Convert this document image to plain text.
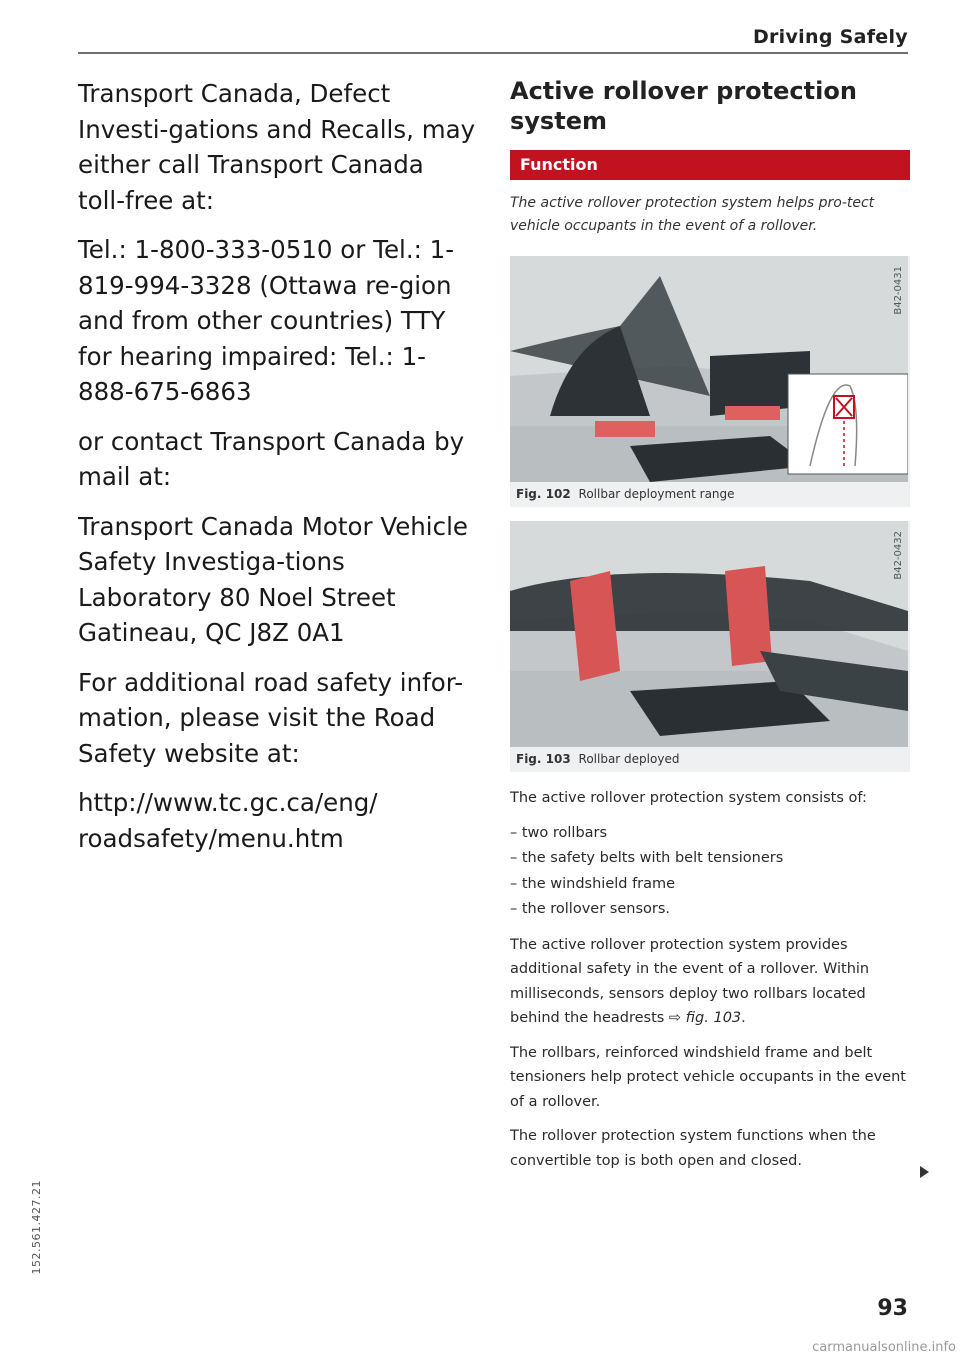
Driving Safely

Transport Canada, Defect Investi-gations and Recalls, may either call Transport Canada toll-free at:

Tel.: 1-800-333-0510 or Tel.: 1-819-994-3328 (Ottawa re-gion and from other countries) TTY for hearing impaired: Tel.: 1-888-675-6863

or contact Transport Canada by mail at:

Transport Canada Motor Vehicle Safety Investiga-tions Laboratory 80 Noel Street Gatineau, QC J8Z 0A1

For additional road safety infor-mation, please visit the Road Safety website at:

http://www.tc.gc.ca/eng/ roadsafety/menu.htm

Active rollover protection system
Function

The active rollover protection system helps pro-tect vehicle occupants in the event of a rollover.

B42-0431
Fig. 102 Rollbar deployment range
B42-0432
Fig. 103 Rollbar deployed

The active rollover protection system consists of:

– two rollbars
– the safety belts with belt tensioners
– the windshield frame
– the rollover sensors.

The active rollover protection system provides additional safety in the event of a rollover. Within milliseconds, sensors deploy two rollbars located behind the headrests ⇨ fig. 103.

The rollbars, reinforced windshield frame and belt tensioners help protect vehicle occupants in the event of a rollover.

The rollover protection system functions when the convertible top is both open and closed.

93
152.561.427.21
carmanualsonline.info
